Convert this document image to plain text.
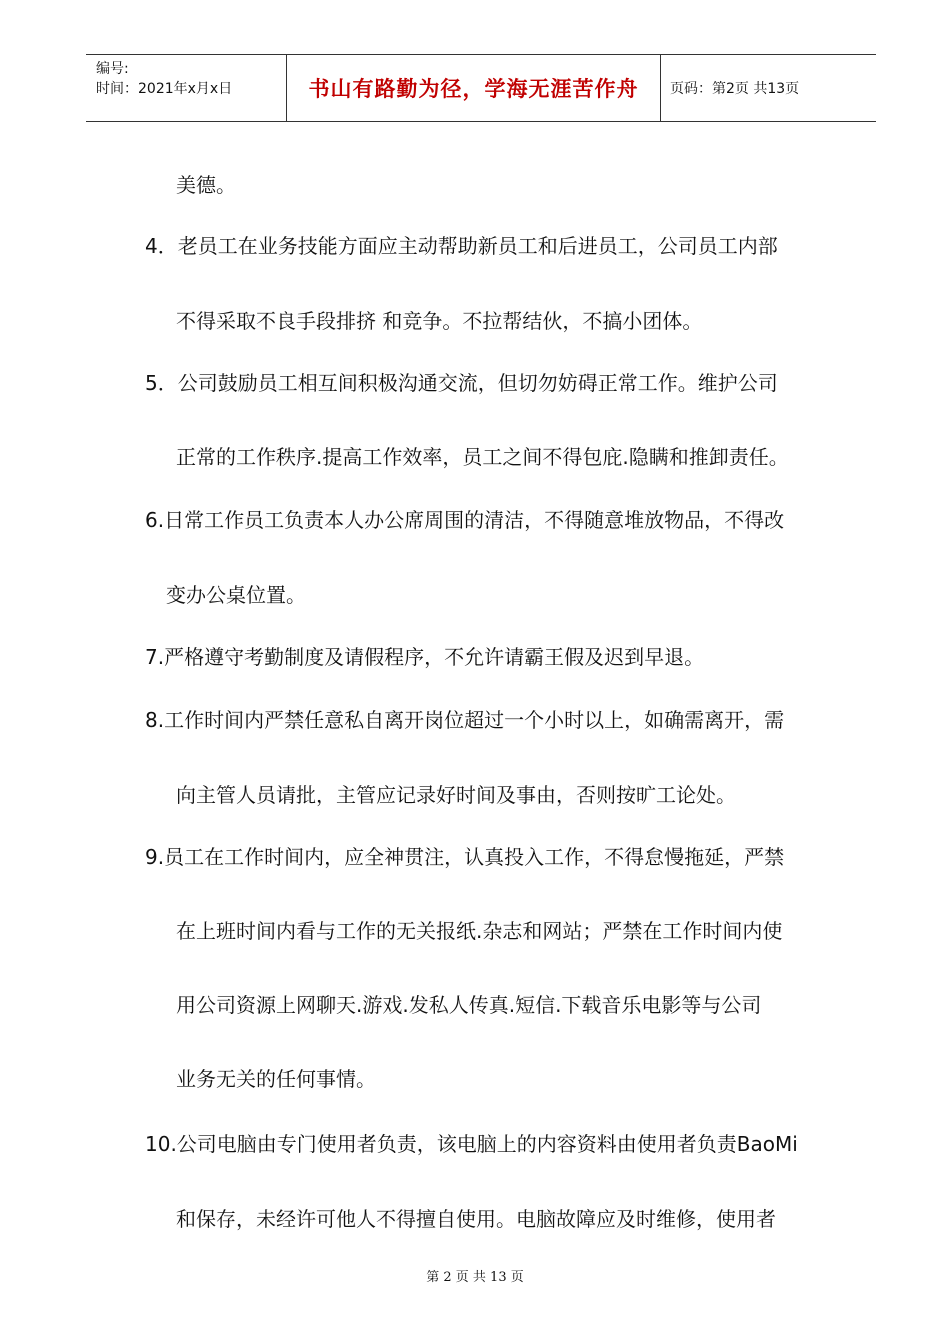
编号:
时间：2021年x月x日	书山有路勤为径，学海无涯苦作舟	页码：第2页 共13页
美德。
4．老员工在业务技能方面应主动帮助新员工和后进员工，公司员工内部
不得采取不良手段排挤 和竞争。不拉帮结伙，不搞小团体。
5．公司鼓励员工相互间积极沟通交流，但切勿妨碍正常工作。维护公司
正常的工作秩序.提高工作效率，员工之间不得包庇.隐瞒和推卸责任。
6.日常工作员工负责本人办公席周围的清洁，不得随意堆放物品，不得改
变办公桌位置。
7.严格遵守考勤制度及请假程序，不允许请霸王假及迟到早退。
8.工作时间内严禁任意私自离开岗位超过一个小时以上，如确需离开，需
向主管人员请批，主管应记录好时间及事由，否则按旷工论处。
9.员工在工作时间内，应全神贯注，认真投入工作，不得怠慢拖延，严禁
在上班时间内看与工作的无关报纸.杂志和网站；严禁在工作时间内使
用公司资源上网聊天.游戏.发私人传真.短信.下载音乐电影等与公司
业务无关的任何事情。
10.公司电脑由专门使用者负责，该电脑上的内容资料由使用者负责BaoMi
和保存，未经许可他人不得擅自使用。电脑故障应及时维修，使用者
第 2 页 共 13 页
